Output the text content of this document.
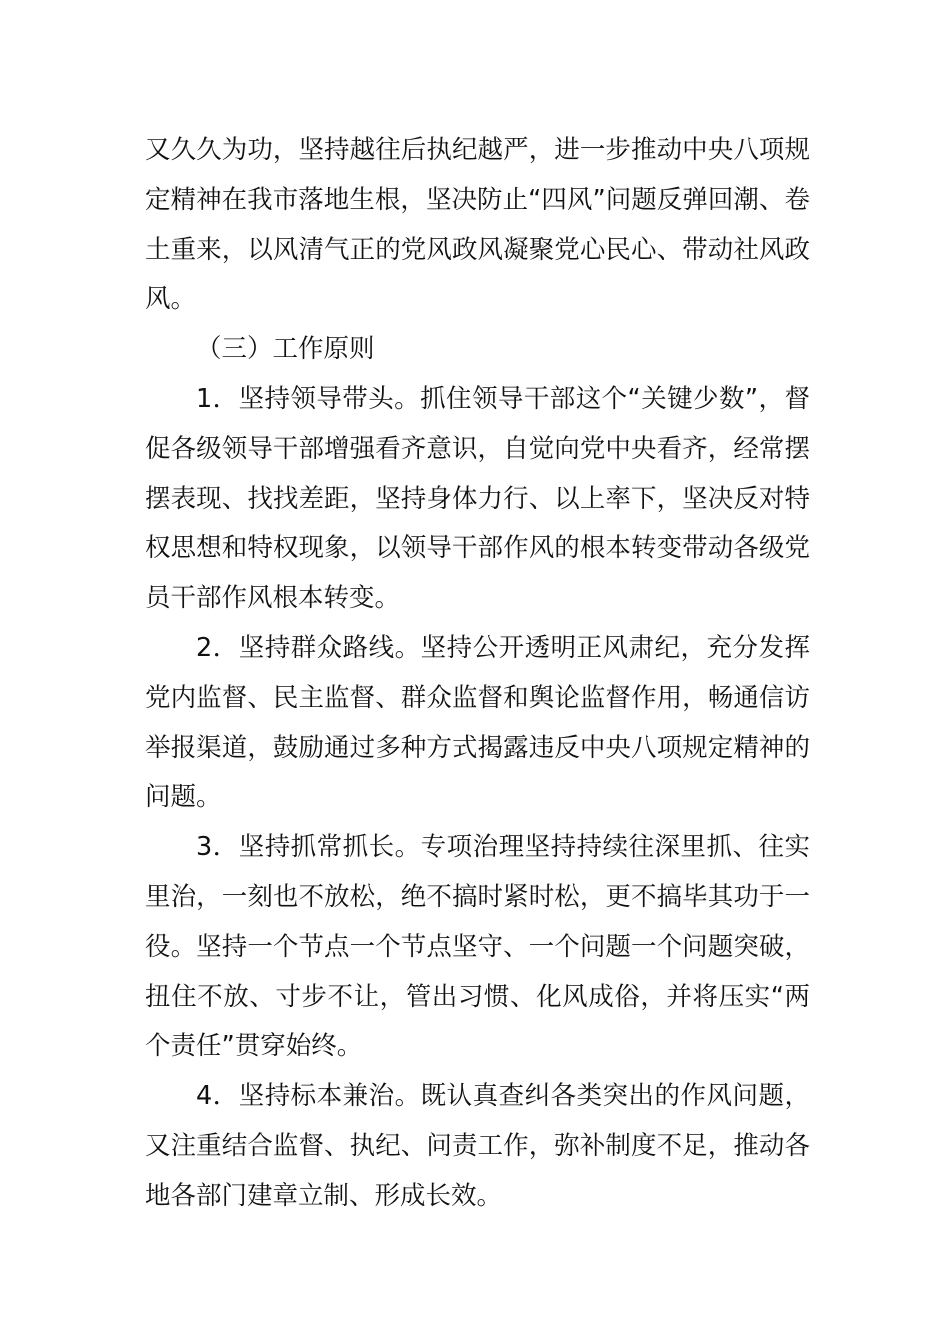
又久久为功，坚持越往后执纪越严，进一步推动中央八项规定精神在我市落地生根，坚决防止“四风”问题反弹回潮、卷土重来，以风清气正的党风政风凝聚党心民心、带动社风政风。

（三）工作原则

1．坚持领导带头。抓住领导干部这个“关键少数”，督促各级领导干部增强看齐意识，自觉向党中央看齐，经常摆摆表现、找找差距，坚持身体力行、以上率下，坚决反对特权思想和特权现象，以领导干部作风的根本转变带动各级党员干部作风根本转变。

2．坚持群众路线。坚持公开透明正风肃纪，充分发挥党内监督、民主监督、群众监督和舆论监督作用，畅通信访举报渠道，鼓励通过多种方式揭露违反中央八项规定精神的问题。

3．坚持抓常抓长。专项治理坚持持续往深里抓、往实里治，一刻也不放松，绝不搞时紧时松，更不搞毕其功于一役。坚持一个节点一个节点坚守、一个问题一个问题突破，扭住不放、寸步不让，管出习惯、化风成俗，并将压实“两个责任”贯穿始终。

4．坚持标本兼治。既认真查纠各类突出的作风问题，又注重结合监督、执纪、问责工作，弥补制度不足，推动各地各部门建章立制、形成长效。
